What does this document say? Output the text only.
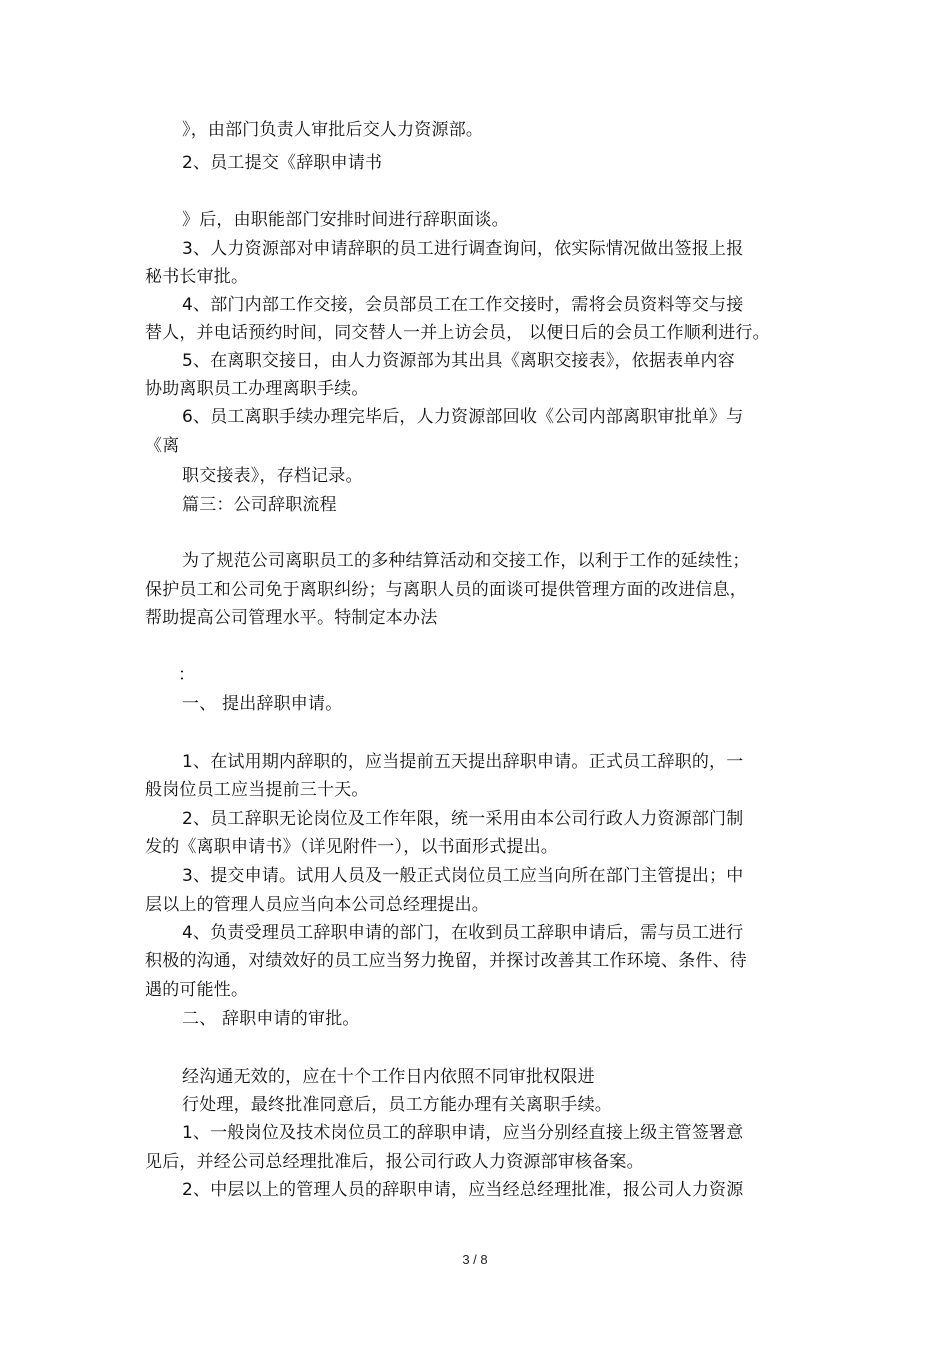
》，由部门负责人审批后交人力资源部。

2、员工提交《辞职申请书

》后，由职能部门安排时间进行辞职面谈。

3、人力资源部对申请辞职的员工进行调查询问，依实际情况做出签报上报

秘书长审批。

4、部门内部工作交接，会员部员工在工作交接时，需将会员资料等交与接

替人，并电话预约时间，同交替人一并上访会员， 以便日后的会员工作顺利进行。

5、在离职交接日，由人力资源部为其出具《离职交接表》，依据表单内容

协助离职员工办理离职手续。

6、员工离职手续办理完毕后，人力资源部回收《公司内部离职审批单》与

《离

职交接表》，存档记录。

篇三：公司辞职流程

为了规范公司离职员工的多种结算活动和交接工作，以利于工作的延续性；

保护员工和公司免于离职纠纷；与离职人员的面谈可提供管理方面的改进信息，

帮助提高公司管理水平。特制定本办法

：

一、 提出辞职申请。

1、在试用期内辞职的，应当提前五天提出辞职申请。正式员工辞职的，一

般岗位员工应当提前三十天。

2、员工辞职无论岗位及工作年限，统一采用由本公司行政人力资源部门制

发的《离职申请书》（详见附件一），以书面形式提出。

3、提交申请。试用人员及一般正式岗位员工应当向所在部门主管提出；中

层以上的管理人员应当向本公司总经理提出。

4、负责受理员工辞职申请的部门，在收到员工辞职申请后，需与员工进行

积极的沟通，对绩效好的员工应当努力挽留，并探讨改善其工作环境、条件、待

遇的可能性。

二、 辞职申请的审批。

经沟通无效的，应在十个工作日内依照不同审批权限进

行处理，最终批准同意后，员工方能办理有关离职手续。

1、一般岗位及技术岗位员工的辞职申请，应当分别经直接上级主管签署意

见后，并经公司总经理批准后，报公司行政人力资源部审核备案。

2、中层以上的管理人员的辞职申请，应当经总经理批准，报公司人力资源

3 / 8
